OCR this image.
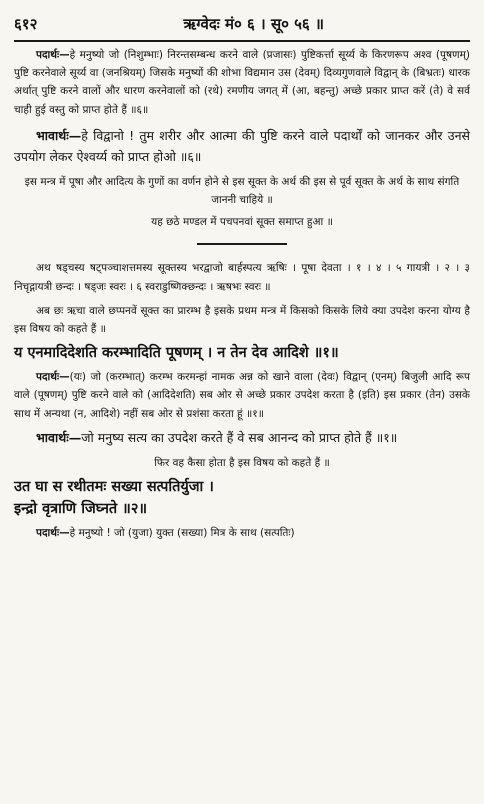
६१२	ऋग्वेदः मं० ६ । सू० ५६ ॥

पदार्थः—हे मनुष्यो जो (निशुम्भाः) निरन्तसम्बन्ध करने वाले (प्रजासः) पुष्टिकर्त्ता सूर्य्य के किरणरूप अश्व (पूषणम्) पुष्टि करनेवाले सूर्य्य वा (जनश्रियम्) जिसके मनुष्यों की शोभा विद्यमान उस (देवम्) दिव्यगुणवाले विद्वान् के (बिभ्रतः) धारक अर्थात् पुष्टि करने वालों और धारण करनेवालों को (रथे) रमणीय जगत् में (आ, बहन्तु) अच्छे प्रकार प्राप्त करें (ते) वे सर्व चाही हुई वस्तु को प्राप्त होते हैं ॥६॥

भावार्थः—हे विद्वानो ! तुम शरीर और आत्मा की पुष्टि करने वाले पदार्थों को जानकर और उनसे उपयोग लेकर ऐश्वर्य्य को प्राप्त होओ ॥६॥

इस मन्त्र में पूषा और आदित्य के गुणों का वर्णन होने से इस सूक्त के अर्थ की इस से पूर्व सूक्त के अर्थ के साथ संगति जाननी चाहिये ॥

यह छठे मण्डल में पचपनवां सूक्त समाप्त हुआ ॥

अथ षड्चस्य षट्पञ्चाशत्तमस्य सूक्तस्य भरद्वाजो बार्हस्पत्य ऋषिः । पूषा देवता । १ । ४ । ५ गायत्री । २ । ३ निचृद्गायत्री छन्दः । षड्जः स्वरः । ६ स्वराडुष्णिक्छन्दः । ऋषभः स्वरः ॥

अब छः ऋचा वाले छप्पनवें सूक्त का प्रारम्भ है इसके प्रथम मन्त्र में किसको किसके लिये क्या उपदेश करना योग्य है इस विषय को कहते हैं ॥

य एनमादिदेशति करम्भादिति पूषणम् । न तेन देव आदिशे ॥१॥

पदार्थः—(यः) जो (करम्भात्) करम्भ करमन्हां नामक अन्न को खाने वाला (देवः) विद्वान् (एनम्) बिजुली आदि रूप वाले (पूषणम्) पुष्टि करने वाले को (आदिदेशति) सब ओर से अच्छे प्रकार उपदेश करता है (इति) इस प्रकार (तेन) उसके साथ में अन्यथा (न, आदिशे) नहीं सब ओर से प्रशंसा करता हूं ॥१॥

भावार्थः—जो मनुष्य सत्य का उपदेश करते हैं वे सब आनन्द को प्राप्त होते हैं ॥१॥

फिर वह कैसा होता है इस विषय को कहते हैं ॥

उत घा स रथीतमः सख्या सत्पतिर्युजा ।

इन्द्रो वृत्राणि जिघ्नते ॥२॥

पदार्थः—हे मनुष्यो ! जो (युजा) युक्त (सख्या) मित्र के साथ (सत्पतिः)
